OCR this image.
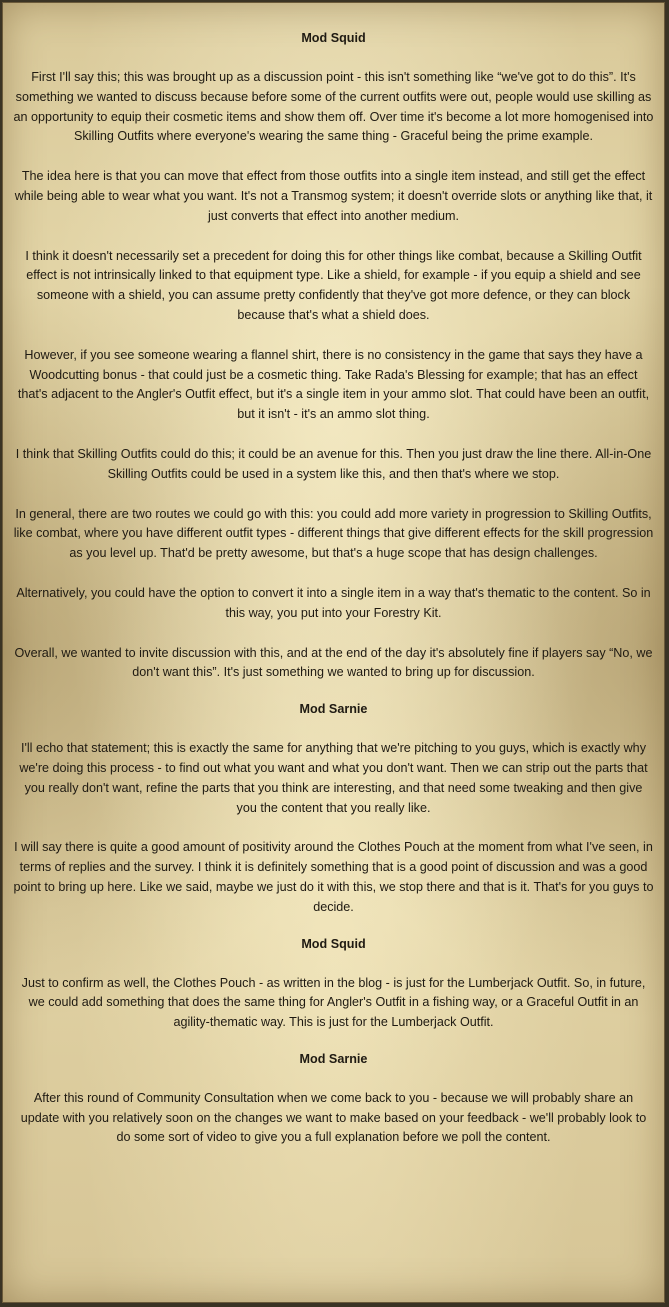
Mod Squid

First I'll say this; this was brought up as a discussion point - this isn't something like “we've got to do this”. It's something we wanted to discuss because before some of the current outfits were out, people would use skilling as an opportunity to equip their cosmetic items and show them off. Over time it's become a lot more homogenised into Skilling Outfits where everyone's wearing the same thing - Graceful being the prime example.

The idea here is that you can move that effect from those outfits into a single item instead, and still get the effect while being able to wear what you want. It's not a Transmog system; it doesn't override slots or anything like that, it just converts that effect into another medium.

I think it doesn't necessarily set a precedent for doing this for other things like combat, because a Skilling Outfit effect is not intrinsically linked to that equipment type. Like a shield, for example - if you equip a shield and see someone with a shield, you can assume pretty confidently that they've got more defence, or they can block because that's what a shield does.

However, if you see someone wearing a flannel shirt, there is no consistency in the game that says they have a Woodcutting bonus - that could just be a cosmetic thing. Take Rada's Blessing for example; that has an effect that's adjacent to the Angler's Outfit effect, but it's a single item in your ammo slot. That could have been an outfit, but it isn't - it's an ammo slot thing.

I think that Skilling Outfits could do this; it could be an avenue for this. Then you just draw the line there. All-in-One Skilling Outfits could be used in a system like this, and then that's where we stop.

In general, there are two routes we could go with this: you could add more variety in progression to Skilling Outfits, like combat, where you have different outfit types - different things that give different effects for the skill progression as you level up. That'd be pretty awesome, but that's a huge scope that has design challenges.

Alternatively, you could have the option to convert it into a single item in a way that's thematic to the content. So in this way, you put into your Forestry Kit.

Overall, we wanted to invite discussion with this, and at the end of the day it's absolutely fine if players say “No, we don't want this”. It's just something we wanted to bring up for discussion.

Mod Sarnie

I'll echo that statement; this is exactly the same for anything that we're pitching to you guys, which is exactly why we're doing this process - to find out what you want and what you don't want. Then we can strip out the parts that you really don't want, refine the parts that you think are interesting, and that need some tweaking and then give you the content that you really like.

I will say there is quite a good amount of positivity around the Clothes Pouch at the moment from what I've seen, in terms of replies and the survey. I think it is definitely something that is a good point of discussion and was a good point to bring up here. Like we said, maybe we just do it with this, we stop there and that is it. That's for you guys to decide.

Mod Squid

Just to confirm as well, the Clothes Pouch - as written in the blog - is just for the Lumberjack Outfit. So, in future, we could add something that does the same thing for Angler's Outfit in a fishing way, or a Graceful Outfit in an agility-thematic way. This is just for the Lumberjack Outfit.

Mod Sarnie

After this round of Community Consultation when we come back to you - because we will probably share an update with you relatively soon on the changes we want to make based on your feedback - we'll probably look to do some sort of video to give you a full explanation before we poll the content.
